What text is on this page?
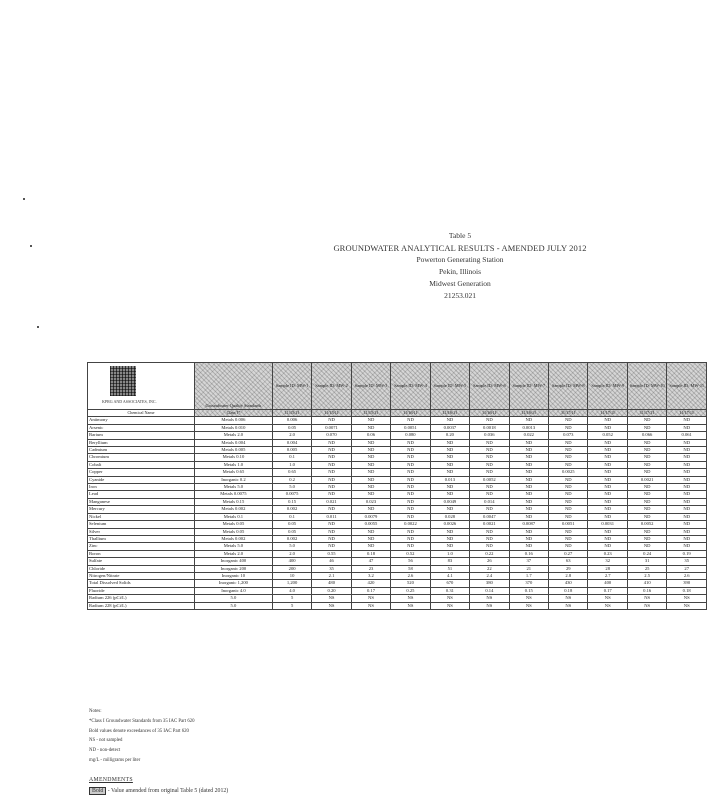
Table 5
GROUNDWATER ANALYTICAL RESULTS - AMENDED JULY 2012
Powerton Generating Station
Pekin, Illinois
Midwest Generation
21253.021
KPRG AND ASSOCIATES, INC.	Groundwater Quality Standards	Sample ID: MW-1	Sample ID: MW-2	Sample ID: MW-3	Sample ID: MW-4	Sample ID: MW-5	Sample ID: MW-6	Sample ID: MW-7	Sample ID: MW-8	Sample ID: MW-9	Sample ID: MW-10	Sample ID: MW-11
Chemical Name	Class I*	11/15/11	11/15/11	11/15/11	11/16/11	11/16/11	11/16/11	11/16/11	11/17/11	11/17/11	11/17/11	11/17/11
Antimony	Metals 0.006	0.006	ND	ND	ND	ND	ND	ND	ND	ND	ND	ND
Arsenic	Metals 0.010	0.05	0.0071	ND	0.0051	0.0037	0.0018	0.0013	ND	ND	ND	ND
Barium	Metals 2.0	2.0	0.070	0.06	0.080	0.20	0.036	0.022	0.073	0.052	0.066	0.061
Beryllium	Metals 0.004	0.004	ND	ND	ND	ND	ND	ND	ND	ND	ND	ND
Cadmium	Metals 0.005	0.005	ND	ND	ND	ND	ND	ND	ND	ND	ND	ND
Chromium	Metals 0.10	0.1	ND	ND	ND	ND	ND	ND	ND	ND	ND	ND
Cobalt	Metals 1.0	1.0	ND	ND	ND	ND	ND	ND	ND	ND	ND	ND
Copper	Metals 0.65	0.65	ND	ND	ND	ND	ND	ND	0.0025	ND	ND	ND
Cyanide	Inorganic 0.2	0.2	ND	ND	ND	0.013	0.0052	ND	ND	ND	0.0021	ND
Iron	Metals 5.0	5.0	ND	ND	ND	ND	ND	ND	ND	ND	ND	ND
Lead	Metals 0.0075	0.0075	ND	ND	ND	ND	ND	ND	ND	ND	ND	ND
Manganese	Metals 0.15	0.15	0.021	0.023	ND	0.0049	0.014	ND	ND	ND	ND	ND
Mercury	Metals 0.002	0.002	ND	ND	ND	ND	ND	ND	ND	ND	ND	ND
Nickel	Metals 0.1	0.1	0.011	0.0079	ND	0.028	0.0047	ND	ND	ND	ND	ND
Selenium	Metals 0.05	0.05	ND	0.0055	0.0022	0.0026	0.0021	0.0087	0.0051	0.0031	0.0052	ND
Silver	Metals 0.05	0.05	ND	ND	ND	ND	ND	ND	ND	ND	ND	ND
Thallium	Metals 0.002	0.002	ND	ND	ND	ND	ND	ND	ND	ND	ND	ND
Zinc	Metals 5.0	5.0	ND	ND	ND	ND	ND	ND	ND	ND	ND	ND
Boron	Metals 2.0	2.0	0.55	0.18	0.52	1.0	0.22	0.16	0.27	0.23	0.24	0.19
Sulfate	Inorganic 400	400	46	47	56	83	26	37	63	32	31	35
Chloride	Inorganic 200	200	35	23	58	51	22	21	29	28	25	27
Nitrogen/Nitrate	Inorganic 10	10	2.1	3.2	2.6	4.1	2.4	1.7	2.8	2.7	2.5	2.6
Total Dissolved Solids	Inorganic 1,200	1,200	480	420	520	670	380	370	430	400	410	390
Fluoride	Inorganic 4.0	4.0	0.20	0.17	0.25	0.31	0.14	0.15	0.18	0.17	0.16	0.18
Radium 226 (pCi/L)	5.0	5	NS	NS	NS	NS	NS	NS	NS	NS	NS	NS
Radium 228 (pCi/L)	5.0	5	NS	NS	NS	NS	NS	NS	NS	NS	NS	NS
Notes:
*Class I Groundwater Standards from 35 IAC Part 620
Bold values denote exceedances of 35 IAC Part 620
NS - not sampled
ND - non-detect
mg/L - milligrams per liter
AMENDMENTS
Bold - Value amended from original Table 5 (dated 2012)
